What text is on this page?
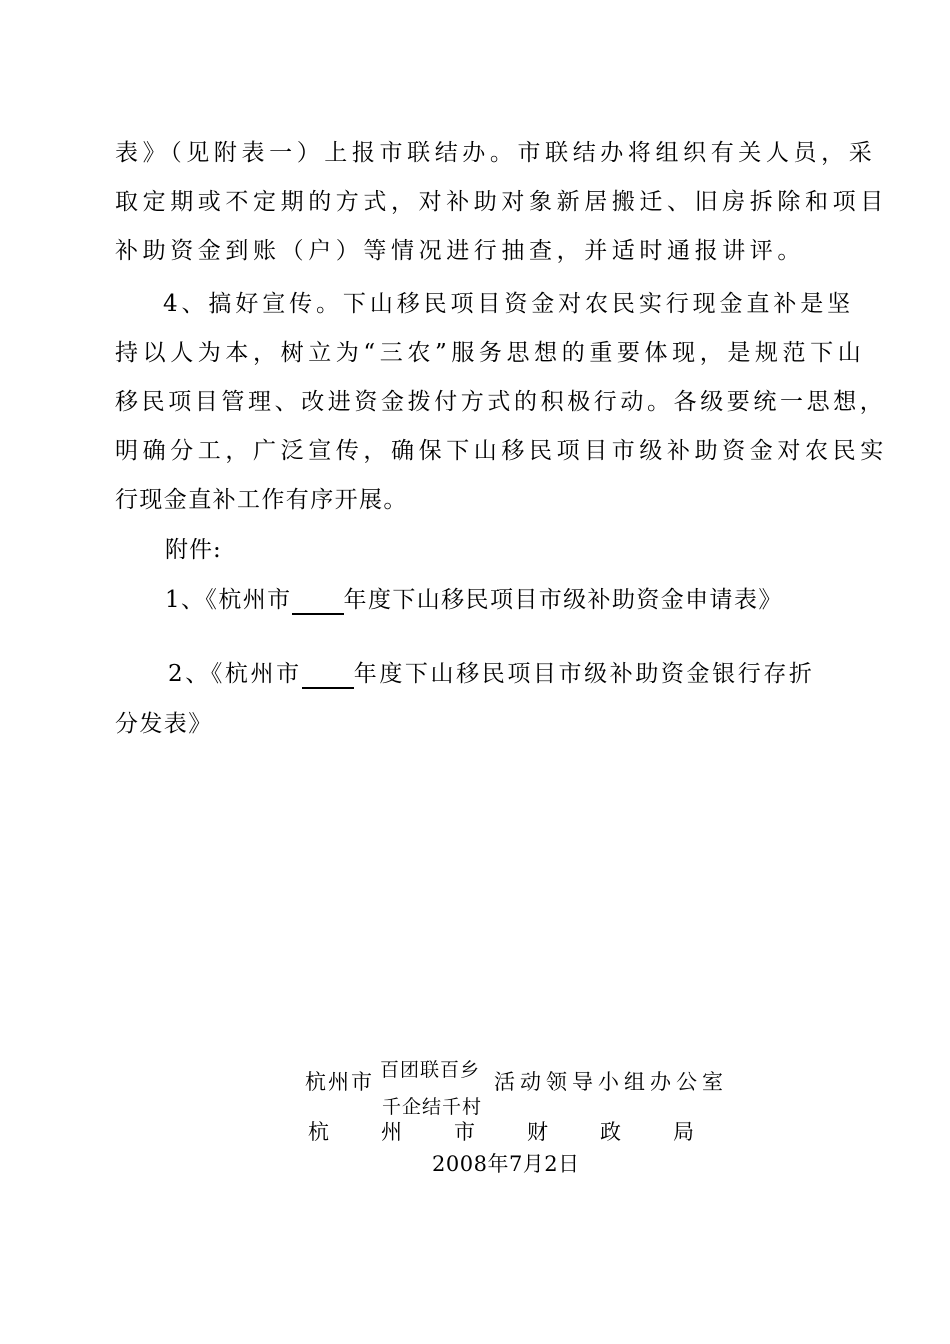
表》（见附表一）上报市联结办。市联结办将组织有关人员，采
取定期或不定期的方式，对补助对象新居搬迁、旧房拆除和项目
补助资金到账（户）等情况进行抽查，并适时通报讲评。
4、搞好宣传。下山移民项目资金对农民实行现金直补是坚
持以人为本，树立为“三农”服务思想的重要体现，是规范下山
移民项目管理、改进资金拨付方式的积极行动。各级要统一思想，
明确分工，广泛宣传，确保下山移民项目市级补助资金对农民实
行现金直补工作有序开展。
附件:
1、《杭州市 年度下山移民项目市级补助资金申请表》
2、《杭州市 年度下山移民项目市级补助资金银行存折
分发表》
杭州市 百团联百乡
千企结千村
活动领导小组办公室
杭 州 市 财 政 局
2008年7月2日
